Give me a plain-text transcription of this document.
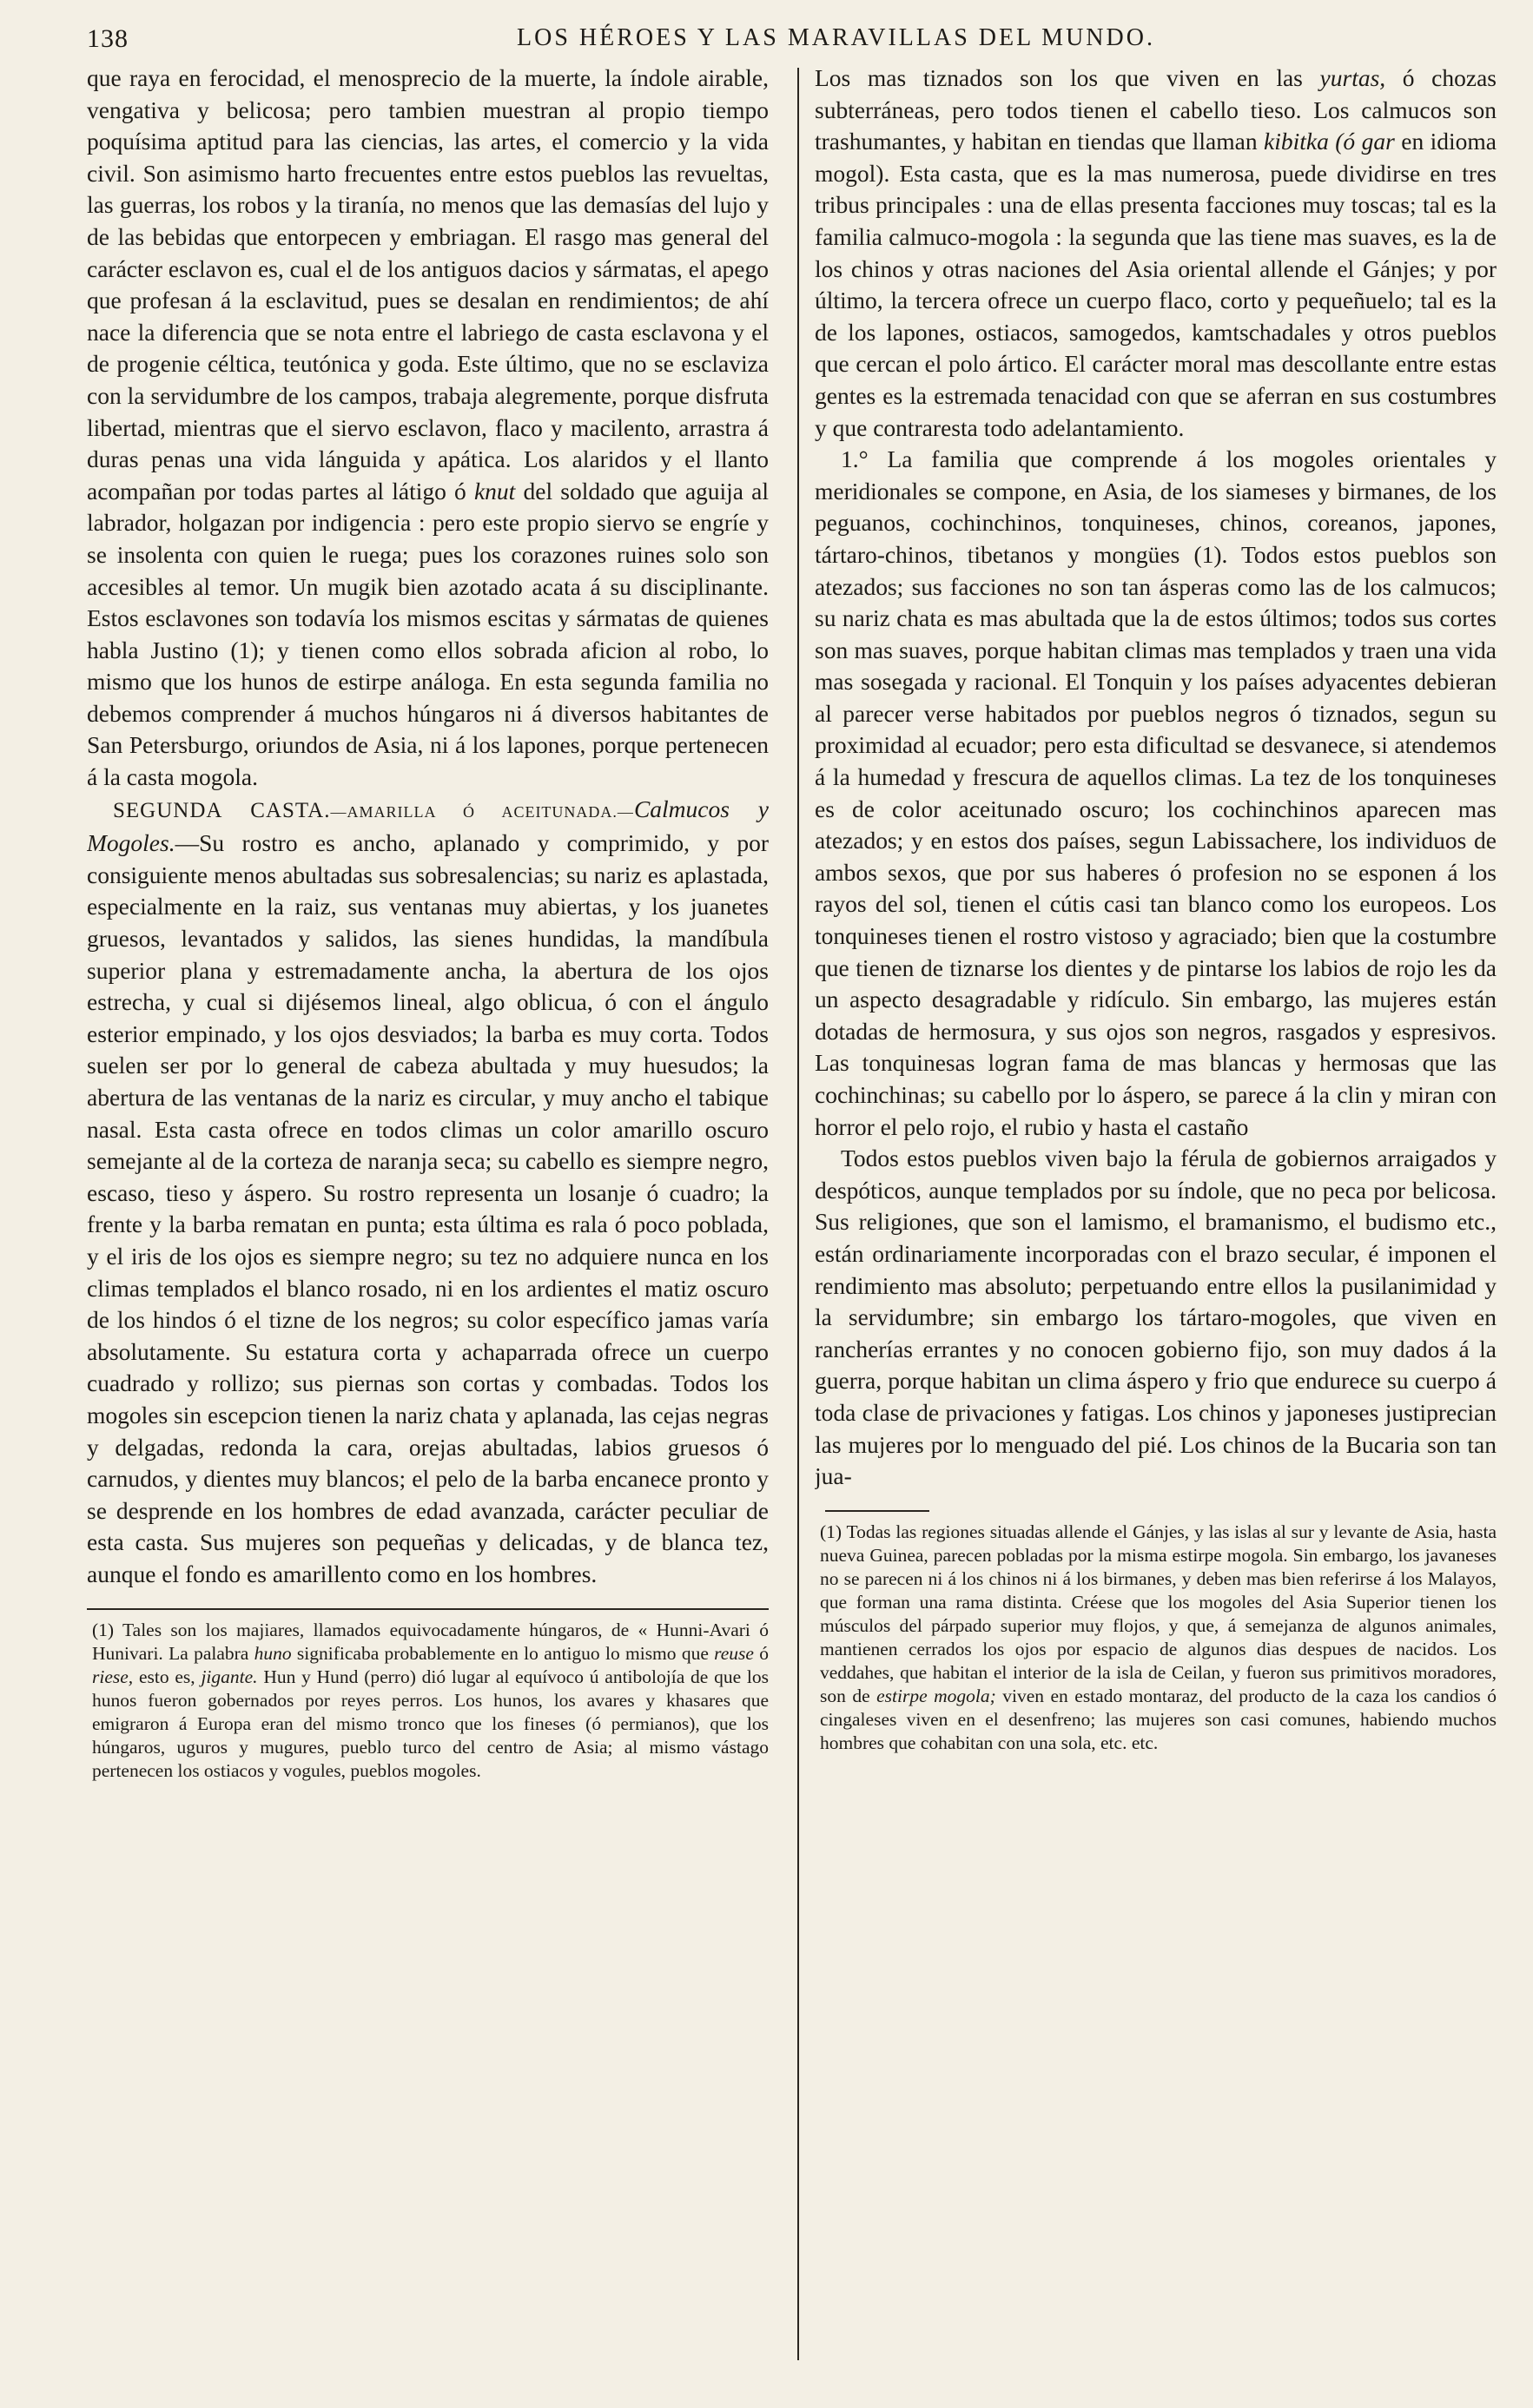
138	LOS HÉROES Y LAS MARAVILLAS DEL MUNDO.

que raya en ferocidad, el menosprecio de la muerte, la índole airable, vengativa y belicosa; pero tambien muestran al propio tiempo poquísima aptitud para las ciencias, las artes, el comercio y la vida civil. Son asimismo harto frecuentes entre estos pueblos las revueltas, las guerras, los robos y la tiranía, no menos que las demasías del lujo y de las bebidas que entorpecen y embriagan. El rasgo mas general del carácter esclavon es, cual el de los antiguos dacios y sármatas, el apego que profesan á la esclavitud, pues se desalan en rendimientos; de ahí nace la diferencia que se nota entre el labriego de casta esclavona y el de progenie céltica, teutónica y goda. Este último, que no se esclaviza con la servidumbre de los campos, trabaja alegremente, porque disfruta libertad, mientras que el siervo esclavon, flaco y macilento, arrastra á duras penas una vida lánguida y apática. Los alaridos y el llanto acompañan por todas partes al látigo ó knut del soldado que aguija al labrador, holgazan por indigencia : pero este propio siervo se engríe y se insolenta con quien le ruega; pues los corazones ruines solo son accesibles al temor. Un mugik bien azotado acata á su disciplinante. Estos esclavones son todavía los mismos escitas y sármatas de quienes habla Justino (1); y tienen como ellos sobrada aficion al robo, lo mismo que los hunos de estirpe análoga. En esta segunda familia no debemos comprender á muchos húngaros ni á diversos habitantes de San Petersburgo, oriundos de Asia, ni á los lapones, porque pertenecen á la casta mogola.

SEGUNDA CASTA.—AMARILLA Ó ACEITUNADA.—Calmucos y Mogoles.—Su rostro es ancho, aplanado y comprimido, y por consiguiente menos abultadas sus sobresalencias; su nariz es aplastada, especialmente en la raiz, sus ventanas muy abiertas, y los juanetes gruesos, levantados y salidos, las sienes hundidas, la mandíbula superior plana y estremadamente ancha, la abertura de los ojos estrecha, y cual si dijésemos lineal, algo oblicua, ó con el ángulo esterior empinado, y los ojos desviados; la barba es muy corta. Todos suelen ser por lo general de cabeza abultada y muy huesudos; la abertura de las ventanas de la nariz es circular, y muy ancho el tabique nasal. Esta casta ofrece en todos climas un color amarillo oscuro semejante al de la corteza de naranja seca; su cabello es siempre negro, escaso, tieso y áspero. Su rostro representa un losanje ó cuadro; la frente y la barba rematan en punta; esta última es rala ó poco poblada, y el iris de los ojos es siempre negro; su tez no adquiere nunca en los climas templados el blanco rosado, ni en los ardientes el matiz oscuro de los hindos ó el tizne de los negros; su color específico jamas varía absolutamente. Su estatura corta y achaparrada ofrece un cuerpo cuadrado y rollizo; sus piernas son cortas y combadas. Todos los mogoles sin escepcion tienen la nariz chata y aplanada, las cejas negras y delgadas, redonda la cara, orejas abultadas, labios gruesos ó carnudos, y dientes muy blancos; el pelo de la barba encanece pronto y se desprende en los hombres de edad avanzada, carácter peculiar de esta casta. Sus mujeres son pequeñas y delicadas, y de blanca tez, aunque el fondo es amarillento como en los hombres.

(1) Tales son los majiares, llamados equivocadamente húngaros, de « Hunni-Avari ó Hunivari. La palabra huno significaba probablemente en lo antiguo lo mismo que reuse ó riese, esto es, jigante. Hun y Hund (perro) dió lugar al equívoco ú antibolojía de que los hunos fueron gobernados por reyes perros. Los hunos, los avares y khasares que emigraron á Europa eran del mismo tronco que los fineses (ó permianos), que los húngaros, uguros y mugures, pueblo turco del centro de Asia; al mismo vástago pertenecen los ostiacos y vogules, pueblos mogoles.

Los mas tiznados son los que viven en las yurtas, ó chozas subterráneas, pero todos tienen el cabello tieso. Los calmucos son trashumantes, y habitan en tiendas que llaman kibitka (ó gar en idioma mogol). Esta casta, que es la mas numerosa, puede dividirse en tres tribus principales : una de ellas presenta facciones muy toscas; tal es la familia calmuco-mogola : la segunda que las tiene mas suaves, es la de los chinos y otras naciones del Asia oriental allende el Gánjes; y por último, la tercera ofrece un cuerpo flaco, corto y pequeñuelo; tal es la de los lapones, ostiacos, samogedos, kamtschadales y otros pueblos que cercan el polo ártico. El carácter moral mas descollante entre estas gentes es la estremada tenacidad con que se aferran en sus costumbres y que contraresta todo adelantamiento.

1.° La familia que comprende á los mogoles orientales y meridionales se compone, en Asia, de los siameses y birmanes, de los peguanos, cochinchinos, tonquineses, chinos, coreanos, japones, tártaro-chinos, tibetanos y mongües (1). Todos estos pueblos son atezados; sus facciones no son tan ásperas como las de los calmucos; su nariz chata es mas abultada que la de estos últimos; todos sus cortes son mas suaves, porque habitan climas mas templados y traen una vida mas sosegada y racional. El Tonquin y los países adyacentes debieran al parecer verse habitados por pueblos negros ó tiznados, segun su proximidad al ecuador; pero esta dificultad se desvanece, si atendemos á la humedad y frescura de aquellos climas. La tez de los tonquineses es de color aceitunado oscuro; los cochinchinos aparecen mas atezados; y en estos dos países, segun Labissachere, los individuos de ambos sexos, que por sus haberes ó profesion no se esponen á los rayos del sol, tienen el cútis casi tan blanco como los europeos. Los tonquineses tienen el rostro vistoso y agraciado; bien que la costumbre que tienen de tiznarse los dientes y de pintarse los labios de rojo les da un aspecto desagradable y ridículo. Sin embargo, las mujeres están dotadas de hermosura, y sus ojos son negros, rasgados y espresivos. Las tonquinesas logran fama de mas blancas y hermosas que las cochinchinas; su cabello por lo áspero, se parece á la clin y miran con horror el pelo rojo, el rubio y hasta el castaño

Todos estos pueblos viven bajo la férula de gobiernos arraigados y despóticos, aunque templados por su índole, que no peca por belicosa. Sus religiones, que son el lamismo, el bramanismo, el budismo etc., están ordinariamente incorporadas con el brazo secular, é imponen el rendimiento mas absoluto; perpetuando entre ellos la pusilanimidad y la servidumbre; sin embargo los tártaro-mogoles, que viven en rancherías errantes y no conocen gobierno fijo, son muy dados á la guerra, porque habitan un clima áspero y frio que endurece su cuerpo á toda clase de privaciones y fatigas. Los chinos y japoneses justiprecian las mujeres por lo menguado del pié. Los chinos de la Bucaria son tan jua-

(1) Todas las regiones situadas allende el Gánjes, y las islas al sur y levante de Asia, hasta nueva Guinea, parecen pobladas por la misma estirpe mogola. Sin embargo, los javaneses no se parecen ni á los chinos ni á los birmanes, y deben mas bien referirse á los Malayos, que forman una rama distinta. Créese que los mogoles del Asia Superior tienen los músculos del párpado superior muy flojos, y que, á semejanza de algunos animales, mantienen cerrados los ojos por espacio de algunos dias despues de nacidos. Los veddahes, que habitan el interior de la isla de Ceilan, y fueron sus primitivos moradores, son de estirpe mogola; viven en estado montaraz, del producto de la caza los candios ó cingaleses viven en el desenfreno; las mujeres son casi comunes, habiendo muchos hombres que cohabitan con una sola, etc. etc.
